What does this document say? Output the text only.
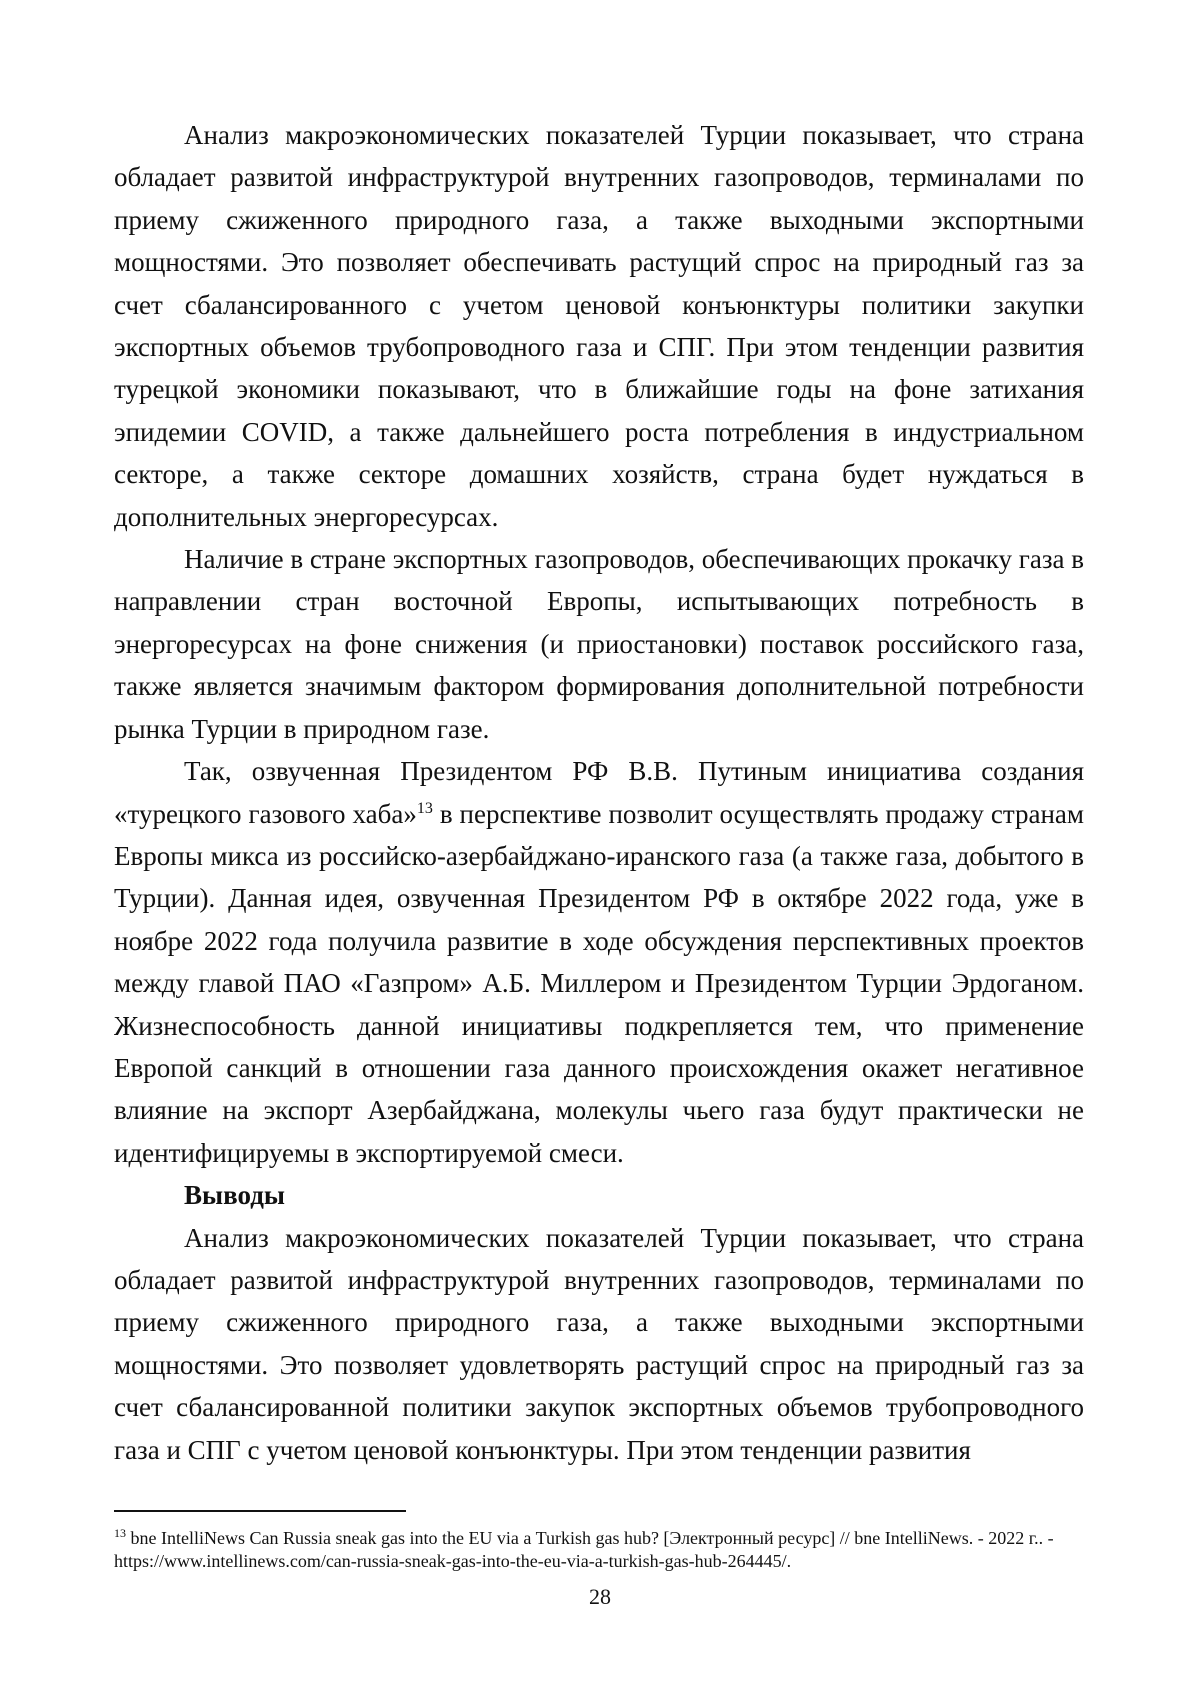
Анализ макроэкономических показателей Турции показывает, что страна обладает развитой инфраструктурой внутренних газопроводов, терминалами по приему сжиженного природного газа, а также выходными экспортными мощностями. Это позволяет обеспечивать растущий спрос на природный газ за счет сбалансированного с учетом ценовой конъюнктуры политики закупки экспортных объемов трубопроводного газа и СПГ. При этом тенденции развития турецкой экономики показывают, что в ближайшие годы на фоне затихания эпидемии COVID, а также дальнейшего роста потребления в индустриальном секторе, а также секторе домашних хозяйств, страна будет нуждаться в дополнительных энергоресурсах.

Наличие в стране экспортных газопроводов, обеспечивающих прокачку газа в направлении стран восточной Европы, испытывающих потребность в энергоресурсах на фоне снижения (и приостановки) поставок российского газа, также является значимым фактором формирования дополнительной потребности рынка Турции в природном газе.

Так, озвученная Президентом РФ В.В. Путиным инициатива создания «турецкого газового хаба»$^{13}$ в перспективе позволит осуществлять продажу странам Европы микса из российско-азербайджано-иранского газа (а также газа, добытого в Турции). Данная идея, озвученная Президентом РФ в октябре 2022 года, уже в ноябре 2022 года получила развитие в ходе обсуждения перспективных проектов между главой ПАО «Газпром» А.Б. Миллером и Президентом Турции Эрдоганом. Жизнеспособность данной инициативы подкрепляется тем, что применение Европой санкций в отношении газа данного происхождения окажет негативное влияние на экспорт Азербайджана, молекулы чьего газа будут практически не идентифицируемы в экспортируемой смеси.

Выводы

Анализ макроэкономических показателей Турции показывает, что страна обладает развитой инфраструктурой внутренних газопроводов, терминалами по приему сжиженного природного газа, а также выходными экспортными мощностями. Это позволяет удовлетворять растущий спрос на природный газ за счет сбалансированной политики закупок экспортных объемов трубопроводного газа и СПГ с учетом ценовой конъюнктуры. При этом тенденции развития

$^{13}$ bne IntelliNews Can Russia sneak gas into the EU via a Turkish gas hub? [Электронный ресурс] // bne IntelliNews. - 2022 г.. - https://www.intellinews.com/can-russia-sneak-gas-into-the-eu-via-a-turkish-gas-hub-264445/.

28
